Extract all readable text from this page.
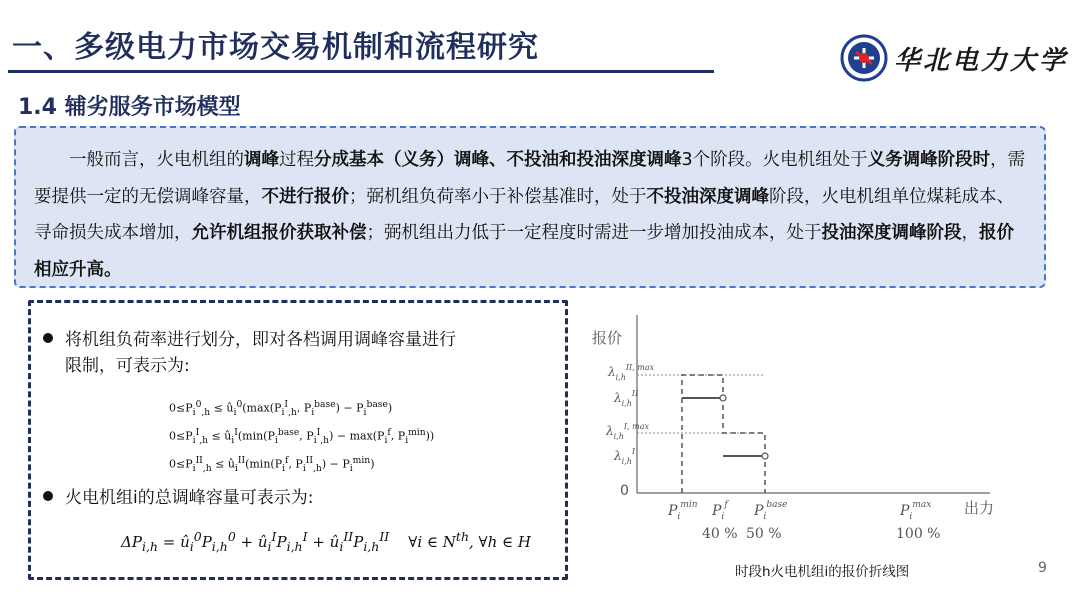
一、多级电力市场交易机制和流程研究	华北电力大学
1.4 辅劣服务市场模型

一般而言，火电机组的调峰过程分成基本（义务）调峰、不投油和投油深度调峰3个阶段。火电机组处于义务调峰阶段时，需要提供一定的无偿调峰容量，不进行报价；弼机组负荷率小于补偿基准时，处于不投油深度调峰阶段，火电机组单位煤耗成本、寻命损失成本增加，允许机组报价获取补偿；弼机组出力低于一定程度时需进一步增加投油成本，处于投油深度调峰阶段，报价相应升高。

将机组负荷率进行划分，即对各档调用调峰容量进行
限制，可表示为:
$0\le P_i^0_{,h}$ ≤ $û_i^0(\max(P_i^I_{,h}$, $P_i^{base}) - P_i^{base}$)
$0\le P_i^I_{,h}$ ≤ $û_i^I(\min(P_i^{base}$, $P_i^I_{,h}) - \max(P_i^f$, $P_i^{min}$))
$0\le P_i^{II}_{,h}$ ≤ $û_i^{II}(\min(P_i^f$, $P_i^{II}_{,h}) - P_i^{min}$)
火电机组i的总调峰容量可表示为:
$\Delta P_{i,h}$ = $û_i^0P_{i,h}^0$ + $û_i^IP_{i,h}^I$ + $û_i^{II}P_{i,h}^{II}$    ∀i ∈ $N^{th}$, ∀h ∈ H
报价
出力
$\lambda_{i,h}^{II, max}$
$\lambda_{i,h}^{II}$
$\lambda_{i,h}^{I, max}$
$\lambda_{i,h}^I$
0
$P_i^{min}$ $P_i^f$ $P_i^{base}$	$P_i^{max}$
40 % 50 %	100 %
时段h火电机组i的报价折线图	9
